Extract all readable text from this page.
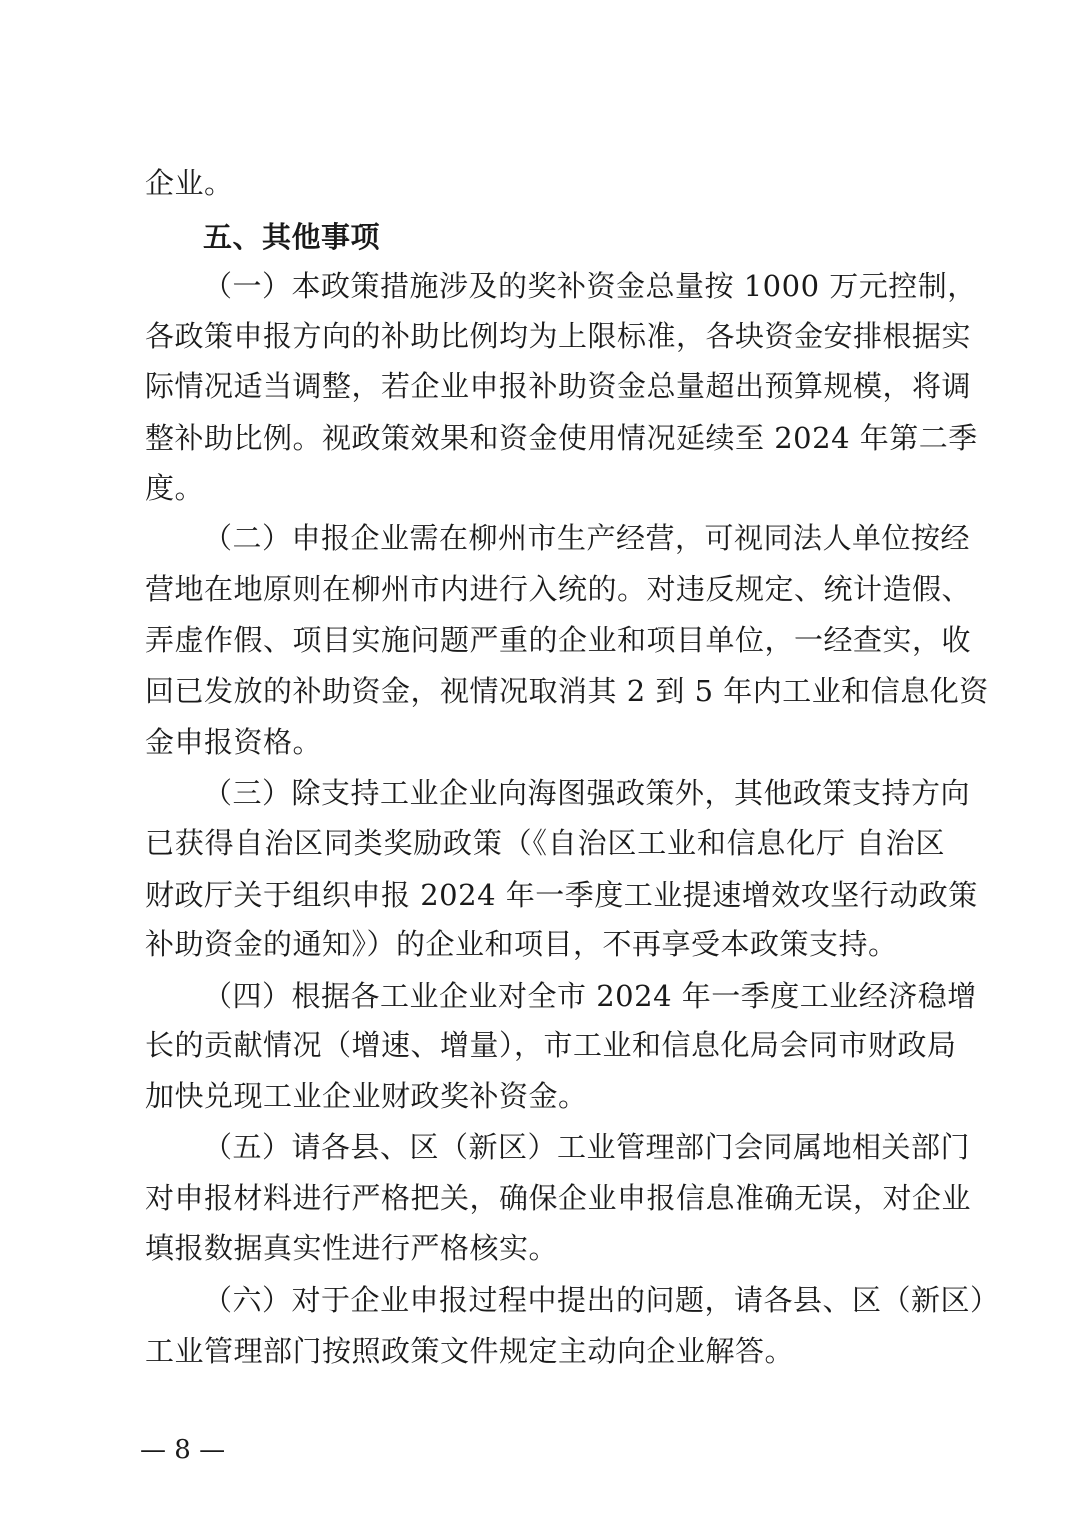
企业。
五、其他事项
（一）本政策措施涉及的奖补资金总量按 1000 万元控制，
各政策申报方向的补助比例均为上限标准，各块资金安排根据实
际情况适当调整，若企业申报补助资金总量超出预算规模，将调
整补助比例。视政策效果和资金使用情况延续至 2024 年第二季
度。
（二）申报企业需在柳州市生产经营，可视同法人单位按经
营地在地原则在柳州市内进行入统的。对违反规定、统计造假、
弄虚作假、项目实施问题严重的企业和项目单位，一经查实，收
回已发放的补助资金，视情况取消其 2 到 5 年内工业和信息化资
金申报资格。
（三）除支持工业企业向海图强政策外，其他政策支持方向
已获得自治区同类奖励政策（《自治区工业和信息化厅 自治区
财政厅关于组织申报 2024 年一季度工业提速增效攻坚行动政策
补助资金的通知》）的企业和项目，不再享受本政策支持。
（四）根据各工业企业对全市 2024 年一季度工业经济稳增
长的贡献情况（增速、增量），市工业和信息化局会同市财政局
加快兑现工业企业财政奖补资金。
（五）请各县、区（新区）工业管理部门会同属地相关部门
对申报材料进行严格把关，确保企业申报信息准确无误，对企业
填报数据真实性进行严格核实。
（六）对于企业申报过程中提出的问题，请各县、区（新区）
工业管理部门按照政策文件规定主动向企业解答。
— 8 —
